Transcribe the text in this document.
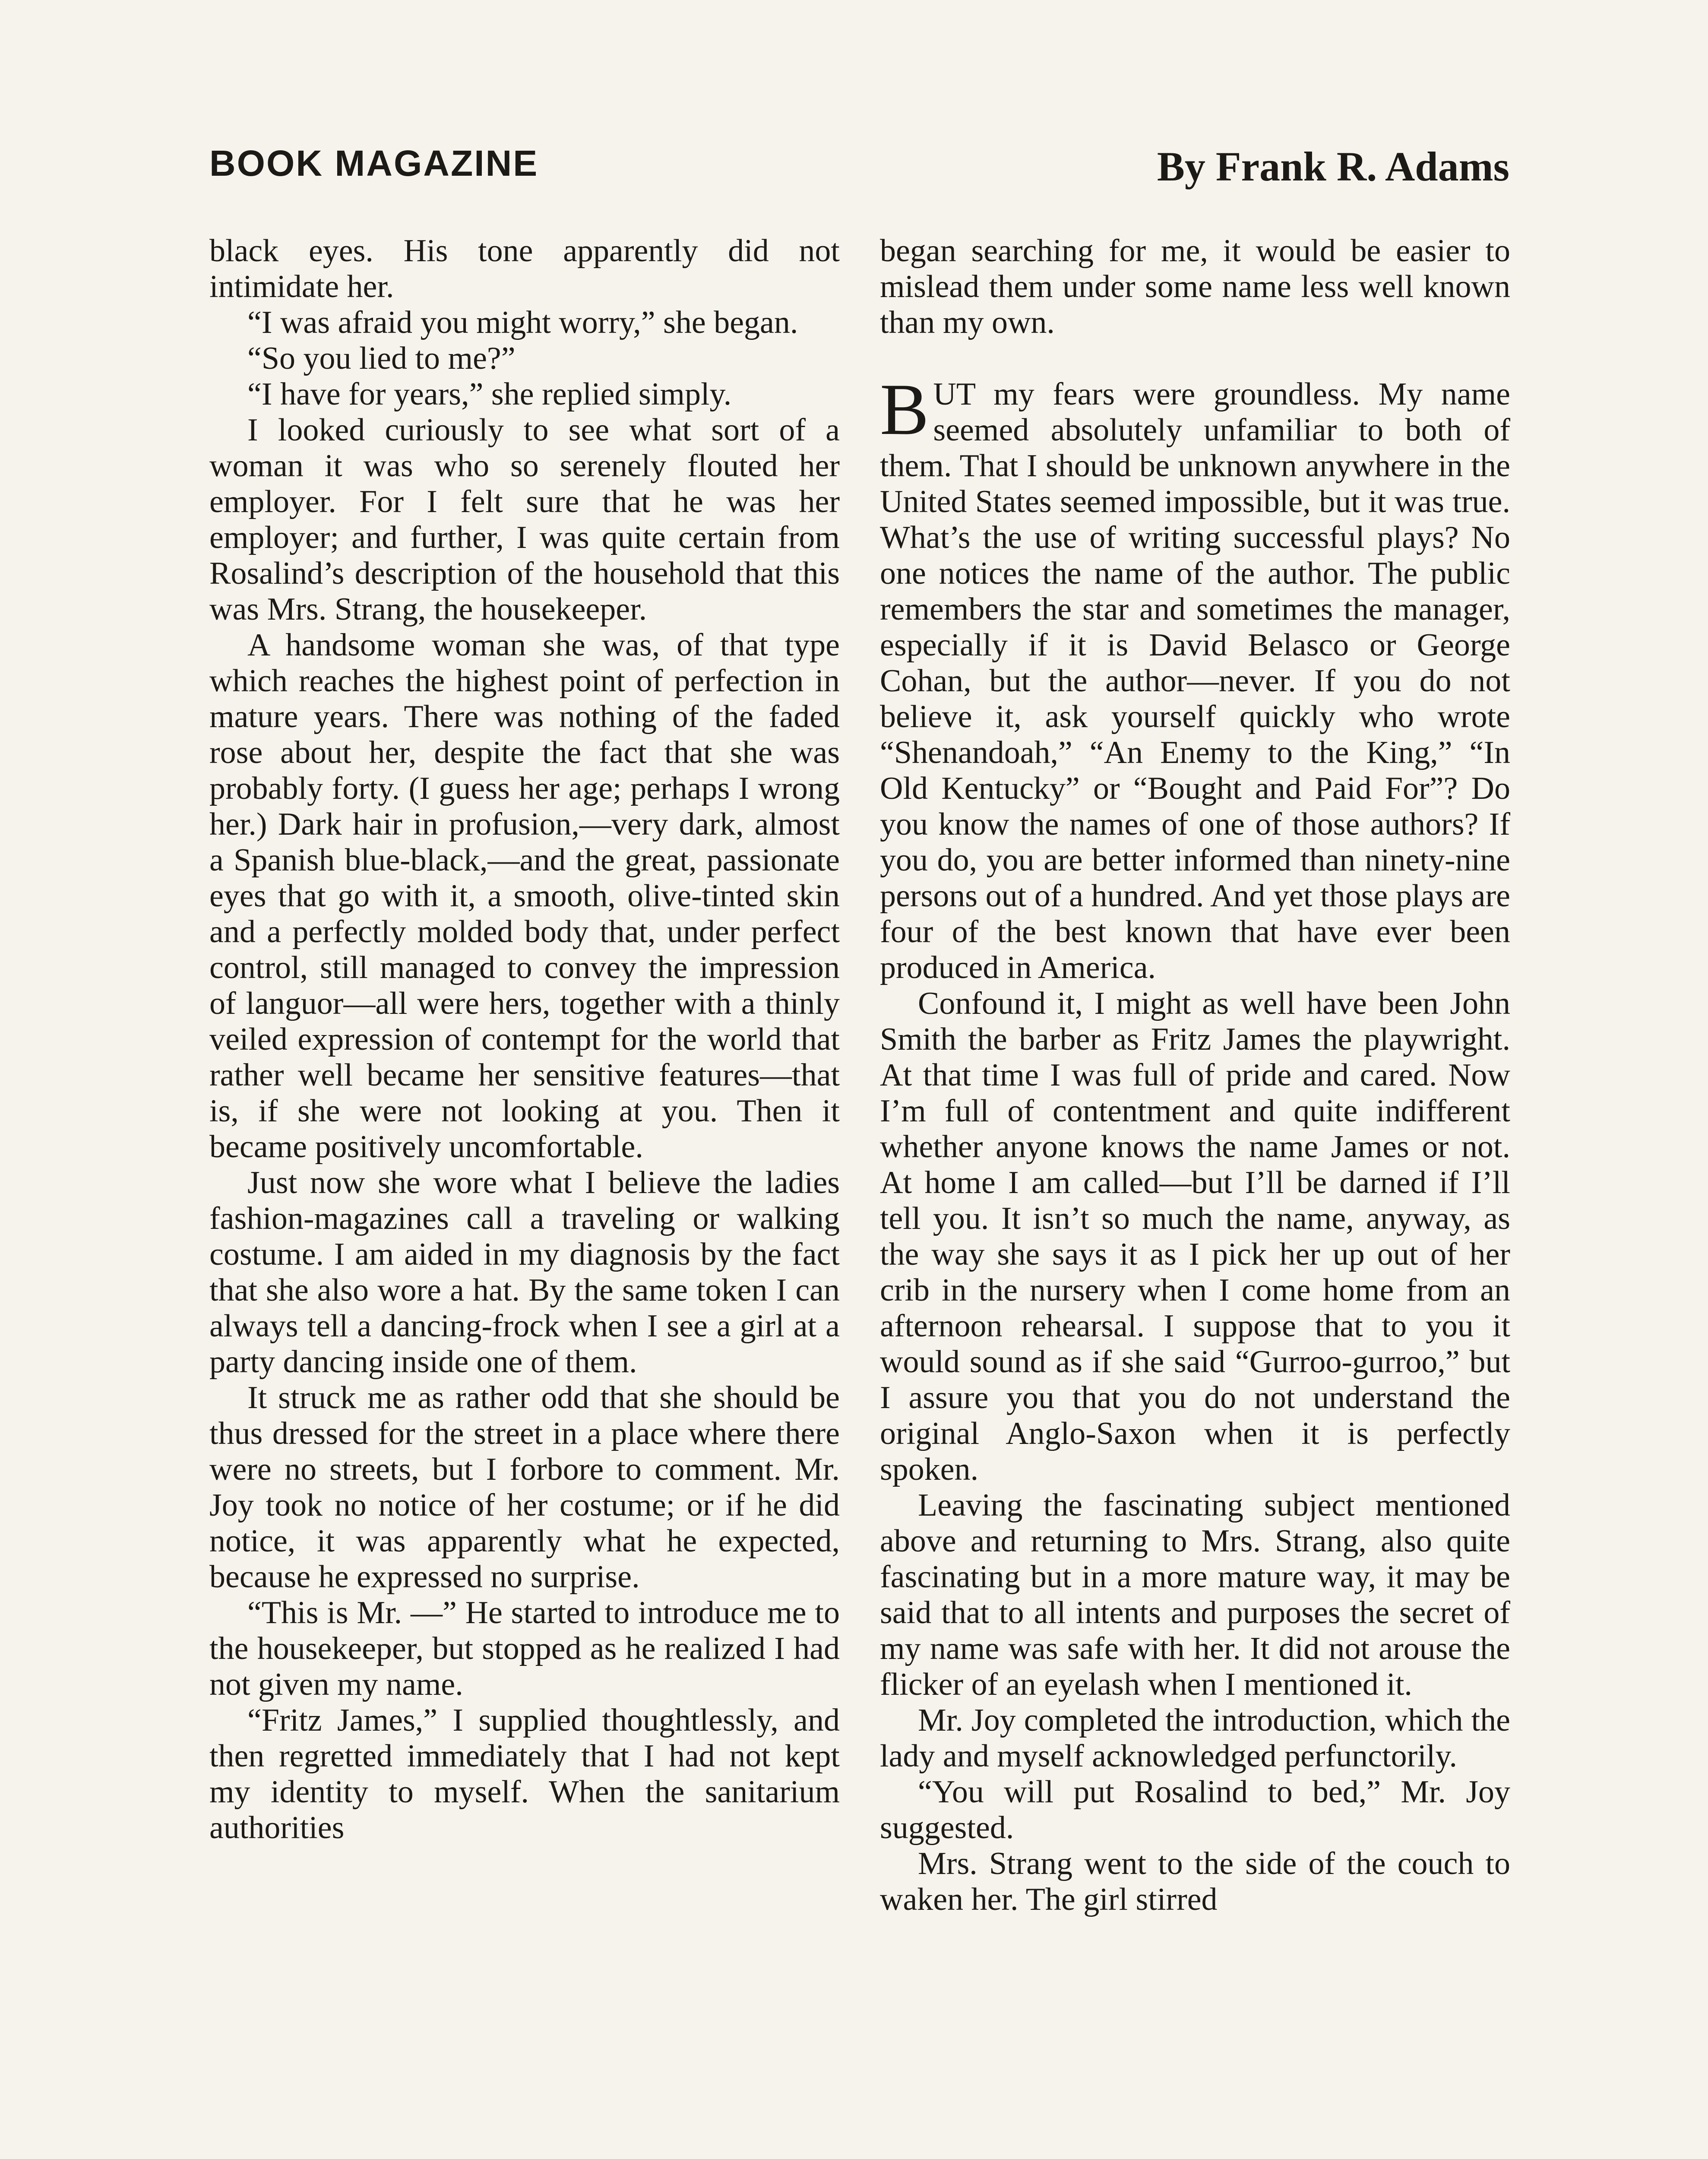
BOOK MAGAZINE	By Frank R. Adams

black eyes. His tone apparently did not intimidate her.

“I was afraid you might worry,” she began.

“So you lied to me?”

“I have for years,” she replied simply.

I looked curiously to see what sort of a woman it was who so serenely flouted her employer. For I felt sure that he was her employer; and further, I was quite certain from Rosalind’s description of the household that this was Mrs. Strang, the housekeeper.

A handsome woman she was, of that type which reaches the highest point of perfection in mature years. There was nothing of the faded rose about her, despite the fact that she was probably forty. (I guess her age; perhaps I wrong her.) Dark hair in profusion,—very dark, almost a Spanish blue-black,—and the great, passionate eyes that go with it, a smooth, olive-tinted skin and a perfectly molded body that, under perfect control, still managed to convey the impression of languor—all were hers, together with a thinly veiled expression of contempt for the world that rather well became her sensitive features—that is, if she were not looking at you. Then it became positively uncomfortable.

Just now she wore what I believe the ladies fashion-magazines call a traveling or walking costume. I am aided in my diagnosis by the fact that she also wore a hat. By the same token I can always tell a dancing-frock when I see a girl at a party dancing inside one of them.

It struck me as rather odd that she should be thus dressed for the street in a place where there were no streets, but I forbore to comment. Mr. Joy took no notice of her costume; or if he did notice, it was apparently what he expected, because he expressed no surprise.

“This is Mr. —” He started to introduce me to the housekeeper, but stopped as he realized I had not given my name.

“Fritz James,” I supplied thoughtlessly, and then regretted immediately that I had not kept my identity to myself. When the sanitarium authorities

began searching for me, it would be easier to mislead them under some name less well known than my own.

BUT my fears were groundless. My name seemed absolutely unfamiliar to both of them. That I should be unknown anywhere in the United States seemed impossible, but it was true. What’s the use of writing successful plays? No one notices the name of the author. The public remembers the star and sometimes the manager, especially if it is David Belasco or George Cohan, but the author—never. If you do not believe it, ask yourself quickly who wrote “Shenandoah,” “An Enemy to the King,” “In Old Kentucky” or “Bought and Paid For”? Do you know the names of one of those authors? If you do, you are better informed than ninety-nine persons out of a hundred. And yet those plays are four of the best known that have ever been produced in America.

Confound it, I might as well have been John Smith the barber as Fritz James the playwright. At that time I was full of pride and cared. Now I’m full of contentment and quite indifferent whether anyone knows the name James or not. At home I am called—but I’ll be darned if I’ll tell you. It isn’t so much the name, anyway, as the way she says it as I pick her up out of her crib in the nursery when I come home from an afternoon rehearsal. I suppose that to you it would sound as if she said “Gurroo-gurroo,” but I assure you that you do not understand the original Anglo-Saxon when it is perfectly spoken.

Leaving the fascinating subject mentioned above and returning to Mrs. Strang, also quite fascinating but in a more mature way, it may be said that to all intents and purposes the secret of my name was safe with her. It did not arouse the flicker of an eyelash when I mentioned it.

Mr. Joy completed the introduction, which the lady and myself acknowledged perfunctorily.

“You will put Rosalind to bed,” Mr. Joy suggested.

Mrs. Strang went to the side of the couch to waken her. The girl stirred
